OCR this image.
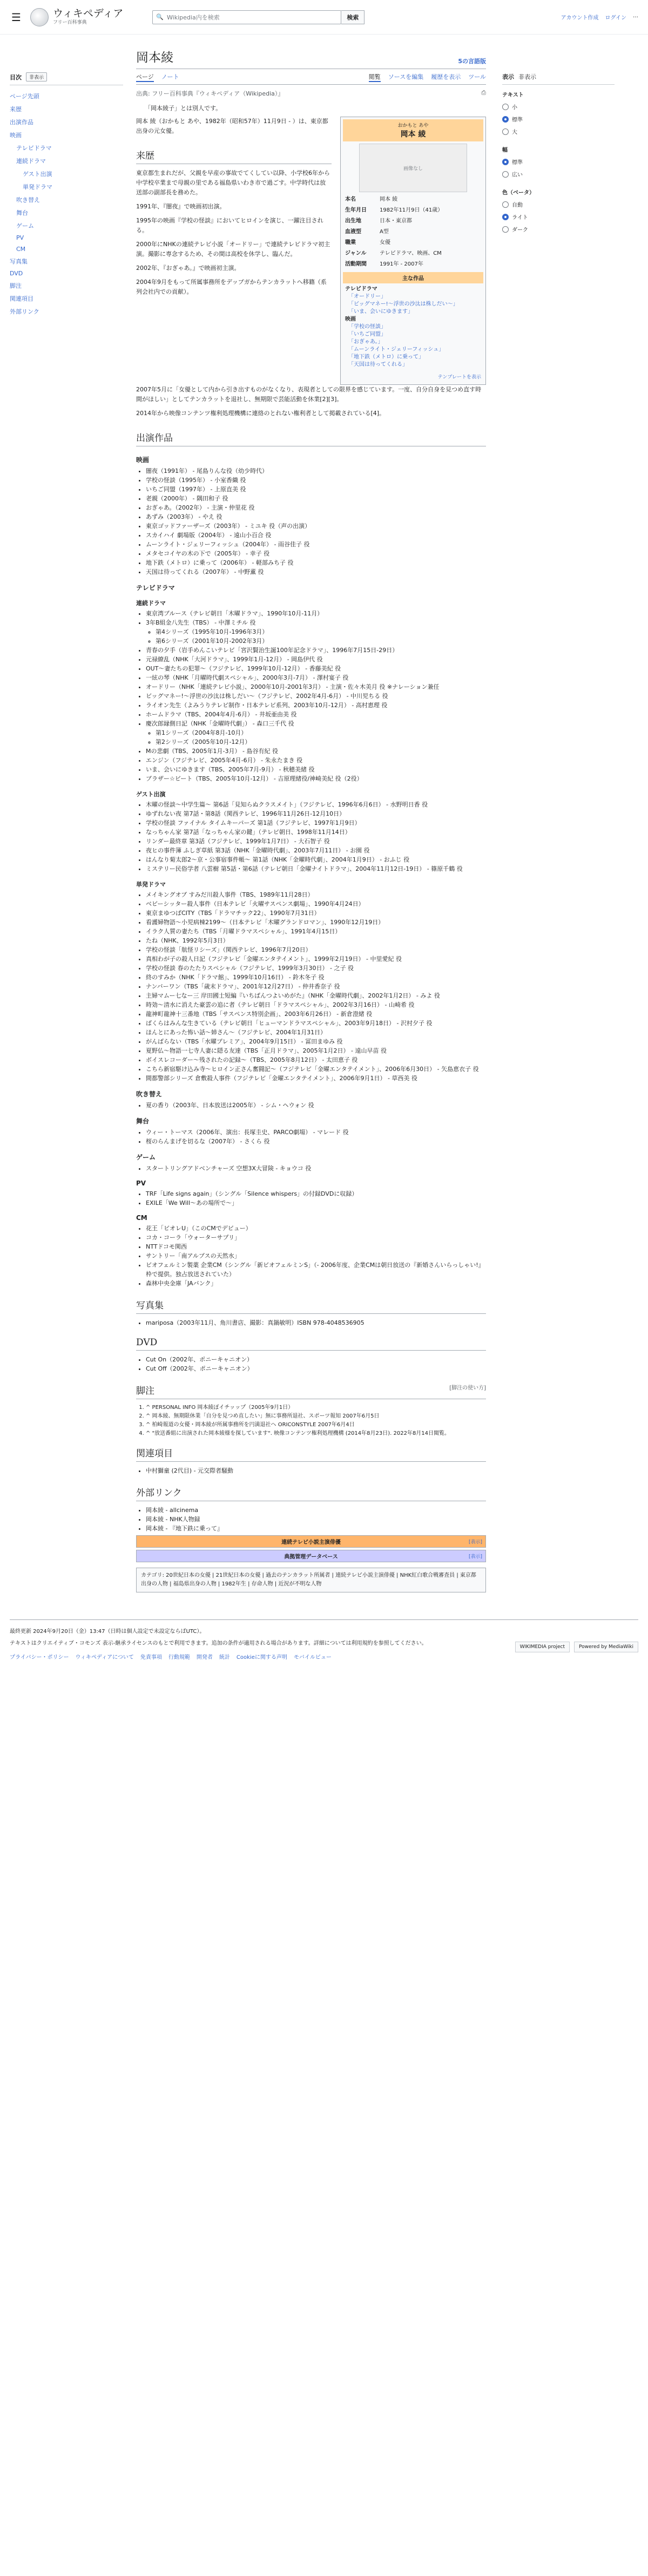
☰	ウィキペディア
フリー百科事典
🔍 Wikipedia内を検索	検索	アカウント作成 ログイン …
目次	非表示
ページ先頭
来歴
出演作品
映画
テレビドラマ
連続ドラマ
ゲスト出演
単発ドラマ
吹き替え
舞台
ゲーム
PV
CM
写真集
DVD
脚注
関連項目
外部リンク
岡本綾	5の言語版
ページ ノート	閲覧 ソースを編集 履歴を表示 ツール
出典: フリー百科事典『ウィキペディア（Wikipedia）』	⎙
「岡本綾子」とは別人です。

岡本 綾（おかもと あや、1982年（昭和57年）11月9日 - ）は、東京都出身の元女優。

来歴

東京都生まれだが、父親を早産の事故でてくしてい以降、小学校6年から中学校卒業まで母親の里である福島県いわき市で過ごす。中学時代は放送部の副部長を務めた。

1991年、『闇夜』で映画初出演。

1995年の映画『学校の怪談』においてヒロインを演じ、一躍注目される。

2000年にNHKの連続テレビ小説「オードリー」で連続テレビドラマ初主演。撮影に専念するため、その間は高校を休学し、臨んだ。

2002年、『おぎゃあ。』で映画初主演。

2004年9月をもって所属事務所をデップガからテンカラットへ移籍（系列会社内での貢献）。

おかもと あや
岡本 綾
画像なし
本名	岡本 綾
生年月日	1982年11月9日（41歳）
出生地	日本・東京都
血液型	A型
職業	女優
ジャンル	テレビドラマ、映画、CM
活動期間	1991年 - 2007年
主な作品
テレビドラマ
「オードリー」
「ビッグマネー!〜浮世の沙汰は株しだい〜」
「いま、会いにゆきます」
映画
「学校の怪談」
「いちご同盟」
「おぎゃあ。」
「ムーンライト・ジェリーフィッシュ」
「地下鉄（メトロ）に乗って」
「天国は待ってくれる」
テンプレートを表示

2007年5月に「女優として内から引き出すものがなくなり、表現者としての限界を感じています。一度、自分自身を見つめ直す時間がほしい」としてテンカラットを退社し、無期限で芸能活動を休業[2][3]。

2014年から映像コンテンツ権利処理機構に連絡のとれない権利者として掲載されている[4]。

出演作品
映画
• 闇夜（1991年） - 尾島りんな役（幼少時代）
• 学校の怪談（1995年） - 小室香織 役
• いちご同盟（1997年） - 上原直美 役
• 老親（2000年） - 隅田和子 役
• おぎゃあ。（2002年） - 主演・仲里花 役
• あずみ（2003年） - やえ 役
• 東京ゴッドファーザーズ（2003年） - ミユキ 役（声の出演）
• スカイハイ 劇場版（2004年） - 遠山小百合 役
• ムーンライト・ジェリーフィッシュ（2004年） - 雨谷佳子 役
• メタセコイヤの木の下で（2005年） - 幸子 役
• 地下鉄（メトロ）に乗って（2006年） - 軽部みち子 役
• 天国は待ってくれる（2007年） - 中野薫 役
テレビドラマ
連続ドラマ
• 東京湾ブルース（テレビ朝日「木曜ドラマ」、1990年10月-11月）
• 3年B組金八先生（TBS） - 中澤ミチル 役
◦ 第4シリーズ（1995年10月-1996年3月）
◦ 第6シリーズ（2001年10月-2002年3月）
• 青春の夕手（岩手めんこいテレビ「宮沢賢治生誕100年記念ドラマ」、1996年7月15日-29日）
• 元禄繚乱（NHK「大河ドラマ」、1999年1月-12月） - 岡島伊代 役
• OUT〜妻たちの犯罪〜（フジテレビ、1999年10月-12月） - 香藤美紀 役
• 一絃の琴（NHK「月曜時代劇スペシャル」、2000年3月-7月） - 澤村宴子 役
• オードリー（NHK「連続テレビ小説」、2000年10月-2001年3月） - 主演・佐々木美月 役 ※ナレーション兼任
• ビッグマネー!〜浮世の沙汰は株しだい〜（フジテレビ、2002年4月-6月） - 中川児ちる 役
• ライオン先生（よみうりテレビ制作・日本テレビ系列、2003年10月-12月） - 高村恵理 役
• ホームドラマ（TBS、2004年4月-6月） - 井坂亜由美 役
• 慶次郎縁側日記（NHK「金曜時代劇」） - 森口三千代 役
◦ 第1シリーズ（2004年8月-10月）
◦ 第2シリーズ（2005年10月-12月）
• Mの悲劇（TBS、2005年1月-3月） - 島谷有紀 役
• エンジン（フジテレビ、2005年4月-6月） - 朱永たまき 役
• いま、会いにゆきます（TBS、2005年7月-9月） - 秋穂美緒 役
• ブラザー☆ビート（TBS、2005年10月-12月） - 吉原理緒役/神崎美紀 役（2役）
ゲスト出演
• 木曜の怪談〜中学生篇〜 第6話「見知らぬクラスメイト」（フジテレビ、1996年6月6日） - 水野明日香 役
• ゆずれない夜 第7話・第8話（関西テレビ、1996年11月26日-12月10日）
• 学校の怪談 ファイナル タイムキーパーズ 第1話（フジテレビ、1997年1月9日）
• なっちゃん家 第7話「なっちゃん家の鍵」（テレビ朝日、1998年11月14日）
• リンダー最終章 第3話（フジテレビ、1999年1月7日） - 大石智子 役
• 夜ヒの事件簿 ふしぎ草紙 第3話（NHK「金曜時代劇」、2003年7月11日） - お園 役
• はんなり菊太郎2〜京・公事宿事件帳〜 第1話（NHK「金曜時代劇」、2004年1月9日） - おふじ 役
• ミステリー民俗学者 八雲樹 第5話・第6話（テレビ朝日「金曜ナイトドラマ」、2004年11月12日-19日） - 篠原千鶴 役
単発ドラマ
• メイキングオブ すみだ川殺人事件（TBS、1989年11月28日）
• ベビーシッター殺人事件（日本テレビ「火曜サスペンス劇場」、1990年4月24日）
• 東京まゆつばCITY（TBS「ドラマチック22」、1990年7月31日）
• 看護婦物語〜小児病棟2199〜（日本テレビ「木曜グランドロマン」、1990年12月19日）
• イラク人質の妻たち（TBS「月曜ドラマスペシャル」、1991年4月15日）
• たね（NHK、1992年5月3日）
• 学校の怪談「航怪リシーズ」（関西テレビ、1996年7月20日）
• 真相わが子の殺人日記（フジテレビ「金曜エンタテイメント」、1999年2月19日） - 中里愛紀 役
• 学校の怪談 春のたたりスペシャル（フジテレビ、1999年3月30日） - 之子 役
• 終のすみか（NHK「ドラマ館」、1999年10月16日） - 鈴木冬子 役
• ナンバーワン（TBS「歳末ドラマ」、2001年12月27日） - 仲井香奈子 役
• 主婦マムー七なー三 岸田國士短編『いちばんつよいめがた』（NHK「金曜時代劇」、2002年1月2日） - みよ 役
• 時効〜清水に消えた豪雲の追に者（テレビ朝日「ドラマスペシャル」、2002年3月16日） - 山崎希 役
• 龍神町龍神十三番地（TBS「サスペンス特別企画」、2003年6月26日） - 新倉澄緒 役
• ばくらはみんな生きている（テレビ朝日「ヒューマンドラマスペシャル」、2003年9月18日） - 沢村夕子 役
• ほんとにあった怖い話〜姉さん〜（フジテレビ、2004年1月31日）
• がんばらない（TBS「水曜プレミア」、2004年9月15日） - 冨田まゆみ 役
• 夏野仏〜物語一七寺人妻に隠る友達（TBS「正月ドラマ」、2005年1月2日） - 遠山早苗 役
• ボイスレコーダー〜残されたの記録〜（TBS、2005年8月12日） - 太田恵子 役
• こちら新宿駆け込み寺〜ヒロイン正さん奮闘記〜（フジテレビ「金曜エンタテイメント」、2006年6月30日） - 矢島恵衣子 役
• 間都警部シリーズ 倉敷殺人事件（フジテレビ「金曜エンタテイメント」、2006年9月1日） - 草西美 役
吹き替え
• 夏の香り（2003年、日本放送は2005年） - シム・ヘウォン 役
舞台
• ウィー・トーマス（2006年、演出：長塚圭史、PARCO劇場） - マレード 役
• 桜のらんまげを切るな（2007年） - さくら 役
ゲーム
• スタートリングアドベンチャーズ 空想3X大冒険 - キョウコ 役
PV
• TRF「Life signs again」（シングル「Silence whispers」の付録DVDに収録）
• EXILE「We Will〜あの場所で〜」
CM
• 花王「ビオレU」（このCMでデビュー）
• コカ・コーラ「ウォーターサプリ」
• NTTドコモ関西
• サントリー「南アルプスの天然水」
• ビオフェルミン製薬 企業CM（シングル「新ビオフェルミンS」（- 2006年度、企業CMは朝日放送の『新婚さんいらっしゃい!』枠で提供。独占放送されていた）
• 森林中央金庫「JAバンク」
写真集
• mariposa（2003年11月、角川書店、撮影：真鍋敏明）ISBN 978-4048536905
DVD
• Cut On（2002年、ポニーキャニオン）
• Cut Off（2002年、ポニーキャニオン）
脚注	[脚注の使い方]
1. ^ PERSONAL INFO 岡本綾ぽイチッップ（2005年9月1日）
2. ^ 岡本綾、無期限休業「自分を見つめ直したい」無に事務所退社、スポーツ報知 2007年6月5日
3. ^ 柏崎報道の女優・岡本綾が所属事務所を円満退社へ ORICONSTYLE 2007年6月4日
4. ^ "放送番組に出演された岡本綾様を探しています". 映像コンテンツ権利処理機構 (2014年8月23日). 2022年8月14日閲覧。
関連項目
• 中村獅童 (2代目) - 元交際者騒動
外部リンク
• 岡本綾 - allcinema
• 岡本綾 - NHK人物録
• 岡本綾 - 『地下鉄に乗って』
連続テレビ小説主演俳優	[表示]
典拠管理データベース	[表示]
カテゴリ: 20世紀日本の女優 | 21世紀日本の女優 | 過去のテンカラット所属者 | 連続テレビ小説主演俳優 | NHK紅白歌合戦審査員 | 東京都出身の人物 | 福島県出身の人物 | 1982年生 | 存命人物 | 近況が不明な人物
表示 非表示
テキスト
小
標準
大
幅
標準
広い
色（ベータ）
自動
ライト
ダーク

最終更新 2024年9月20日（金）13:47（日時は個人設定で未設定ならばUTC）。

テキストはクリエイティブ・コモンズ 表示-継承ライセンスのもとで利用できます。追加の条件が適用される場合があります。詳細については利用規約を参照してください。

プライバシー・ポリシー ウィキペディアについて 免責事項 行動規範 開発者 統計 Cookieに関する声明 モバイルビュー
WIKIMEDIA project	Powered by MediaWiki
